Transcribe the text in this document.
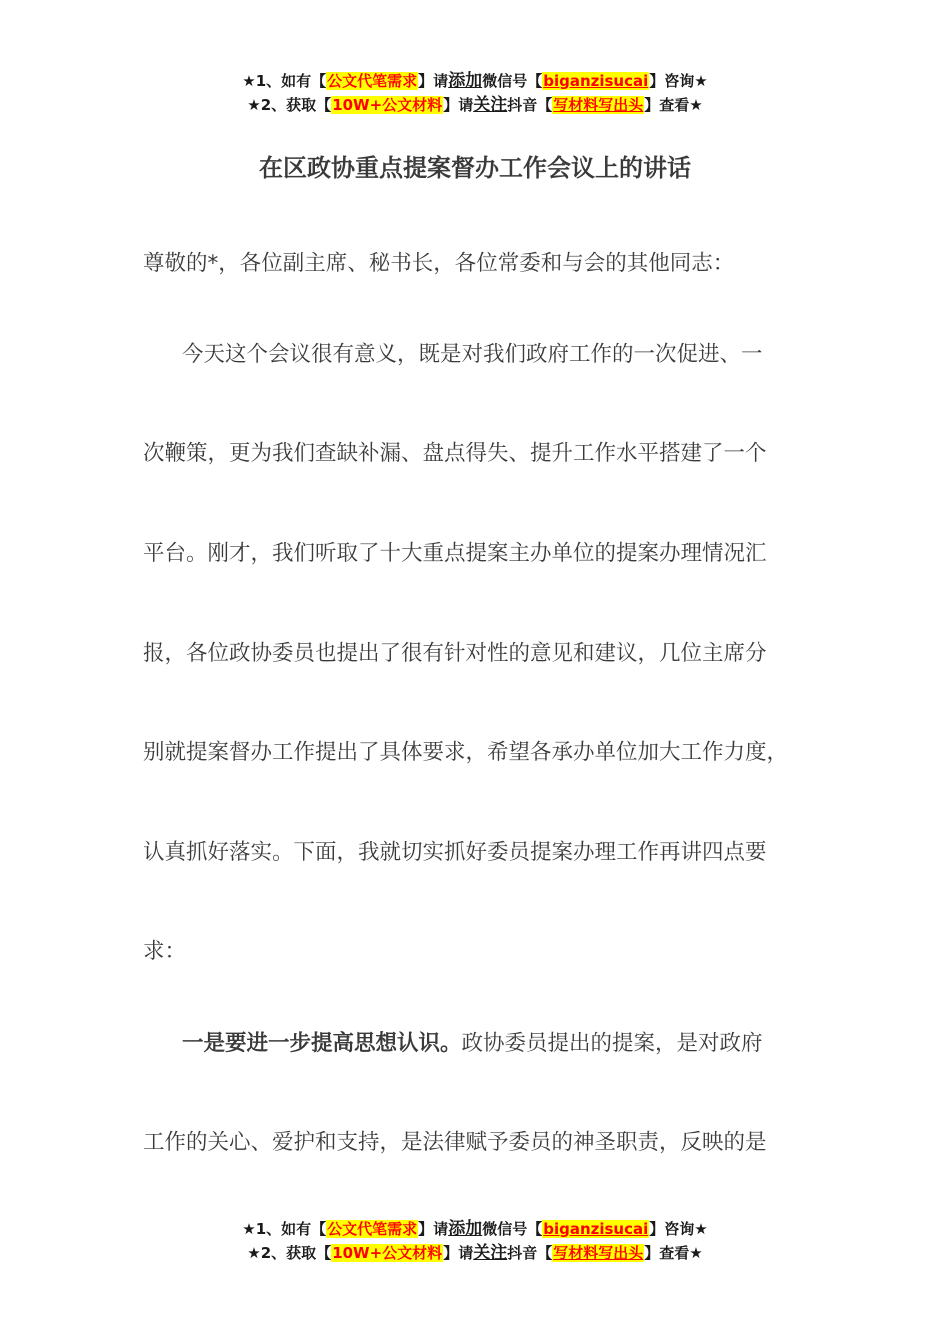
★1、如有【公文代笔需求】请添加微信号【biganzisucai】咨询★
★2、获取【10W+公文材料】请关注抖音【写材料写出头】查看★
在区政协重点提案督办工作会议上的讲话
尊敬的*，各位副主席、秘书长，各位常委和与会的其他同志：
今天这个会议很有意义，既是对我们政府工作的一次促进、一
次鞭策，更为我们查缺补漏、盘点得失、提升工作水平搭建了一个
平台。刚才，我们听取了十大重点提案主办单位的提案办理情况汇
报，各位政协委员也提出了很有针对性的意见和建议，几位主席分
别就提案督办工作提出了具体要求，希望各承办单位加大工作力度，
认真抓好落实。下面，我就切实抓好委员提案办理工作再讲四点要
求：
一是要进一步提高思想认识。政协委员提出的提案，是对政府
工作的关心、爱护和支持，是法律赋予委员的神圣职责，反映的是
★1、如有【公文代笔需求】请添加微信号【biganzisucai】咨询★
★2、获取【10W+公文材料】请关注抖音【写材料写出头】查看★
